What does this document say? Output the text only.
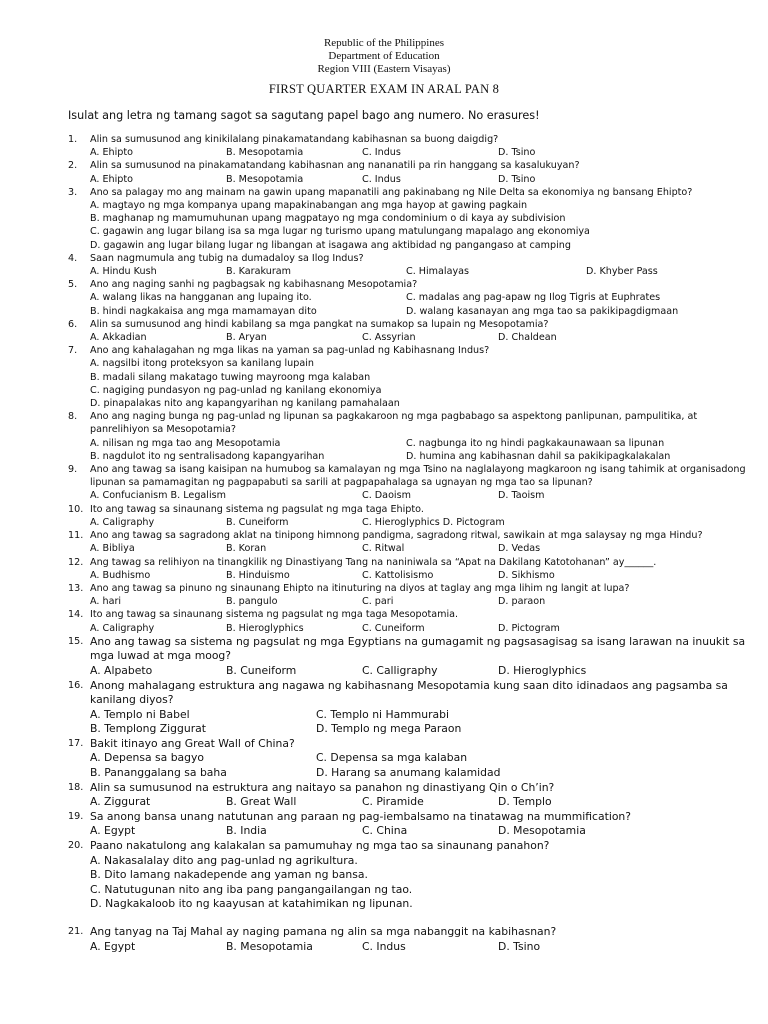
Republic of the Philippines
Department of Education
Region VIII (Eastern Visayas)
FIRST QUARTER EXAM IN ARAL PAN 8
Isulat ang letra ng tamang sagot sa sagutang papel bago ang numero. No erasures!
1.	Alin sa sumusunod ang kinikilalang pinakamatandang kabihasnan sa buong daigdig?
A. Ehipto	B. Mesopotamia	C. Indus	D. Tsino
2.	Alin sa sumusunod na pinakamatandang kabihasnan ang nananatili pa rin hanggang sa kasalukuyan?
A. Ehipto	B. Mesopotamia	C. Indus	D. Tsino
3.	Ano sa palagay mo ang mainam na gawin upang mapanatili ang pakinabang ng Nile Delta sa ekonomiya ng bansang Ehipto?
A. magtayo ng mga kompanya upang mapakinabangan ang mga hayop at gawing pagkain
B. maghanap ng mamumuhunan upang magpatayo ng mga condominium o di kaya ay subdivision
C. gagawin ang lugar bilang isa sa mga lugar ng turismo upang matulungang mapalago ang ekonomiya
D. gagawin ang lugar bilang lugar ng libangan at isagawa ang aktibidad ng pangangaso at camping
4.	Saan nagmumula ang tubig na dumadaloy sa Ilog Indus?
A. Hindu Kush	B. Karakuram	C. Himalayas	D. Khyber Pass
5.	Ano ang naging sanhi ng pagbagsak ng kabihasnang Mesopotamia?
A. walang likas na hangganan ang lupaing ito.	C. madalas ang pag-apaw ng Ilog Tigris at Euphrates
B. hindi nagkakaisa ang mga mamamayan dito	D. walang kasanayan ang mga tao sa pakikipagdigmaan
6.	Alin sa sumusunod ang hindi kabilang sa mga pangkat na sumakop sa lupain ng Mesopotamia?
A. Akkadian	B. Aryan	C. Assyrian	D. Chaldean
7.	Ano ang kahalagahan ng mga likas na yaman sa pag-unlad ng Kabihasnang Indus?
A. nagsilbi itong proteksyon sa kanilang lupain
B. madali silang makatago tuwing mayroong mga kalaban
C. nagiging pundasyon ng pag-unlad ng kanilang ekonomiya
D. pinapalakas nito ang kapangyarihan ng kanilang pamahalaan
8.	Ano ang naging bunga ng pag-unlad ng lipunan sa pagkakaroon ng mga pagbabago sa aspektong panlipunan, pampulitika, at panrelihiyon sa Mesopotamia?
A. nilisan ng mga tao ang Mesopotamia	C. nagbunga ito ng hindi pagkakaunawaan sa lipunan
B. nagdulot ito ng sentralisadong kapangyarihan	D. humina ang kabihasnan dahil sa pakikipagkalakalan
9.	Ano ang tawag sa isang kaisipan na humubog sa kamalayan ng mga Tsino na naglalayong magkaroon ng isang tahimik at organisadong lipunan sa pamamagitan ng pagpapabuti sa sarili at pagpapahalaga sa ugnayan ng mga tao sa lipunan?
A. Confucianism B. Legalism	C. Daoism	D. Taoism
10. Ito ang tawag sa sinaunang sistema ng pagsulat ng mga taga Ehipto.
A. Caligraphy	B. Cuneiform	C. Hieroglyphics D. Pictogram
11. Ano ang tawag sa sagradong aklat na tinipong himnong pandigma, sagradong ritwal, sawikain at mga salaysay ng mga Hindu?
A. Bibliya	B. Koran	C. Ritwal	D. Vedas
12. Ang tawag sa relihiyon na tinangkilik ng Dinastiyang Tang na naniniwala sa “Apat na Dakilang Katotohanan” ay______.
A. Budhismo	B. Hinduismo	C. Kattolisismo	D. Sikhismo
13. Ano ang tawag sa pinuno ng sinaunang Ehipto na itinuturing na diyos at taglay ang mga lihim ng langit at lupa?
A. hari	B. pangulo	C. pari	D. paraon
14. Ito ang tawag sa sinaunang sistema ng pagsulat ng mga taga Mesopotamia.
A. Caligraphy	B. Hieroglyphics	C. Cuneiform	D. Pictogram
15. Ano ang tawag sa sistema ng pagsulat ng mga Egyptians na gumagamit ng pagsasagisag sa isang larawan na inuukit sa mga luwad at mga moog?
A. Alpabeto	B. Cuneiform	C. Calligraphy	D. Hieroglyphics
16. Anong mahalagang estruktura ang nagawa ng kabihasnang Mesopotamia kung saan dito idinadaos ang pagsamba sa kanilang diyos?
A. Templo ni Babel	C. Templo ni Hammurabi
B. Templong Ziggurat	D. Templo ng mega Paraon
17. Bakit itinayo ang Great Wall of China?
A. Depensa sa bagyo	C. Depensa sa mga kalaban
B. Pananggalang sa baha	D. Harang sa anumang kalamidad
18. Alin sa sumusunod na estruktura ang naitayo sa panahon ng dinastiyang Qin o Ch’in?
A. Ziggurat	B. Great Wall	C. Piramide	D. Templo
19. Sa anong bansa unang natutunan ang paraan ng pag-iembalsamo na tinatawag na mummification?
A. Egypt	B. India	C. China	D. Mesopotamia
20. Paano nakatulong ang kalakalan sa pamumuhay ng mga tao sa sinaunang panahon?
A. Nakasalalay dito ang pag-unlad ng agrikultura.
B. Dito lamang nakadepende ang yaman ng bansa.
C. Natutugunan nito ang iba pang pangangailangan ng tao.
D. Nagkakaloob ito ng kaayusan at katahimikan ng lipunan.
21. Ang tanyag na Taj Mahal ay naging pamana ng alin sa mga nabanggit na kabihasnan?
A. Egypt	B. Mesopotamia	C. Indus	D. Tsino
